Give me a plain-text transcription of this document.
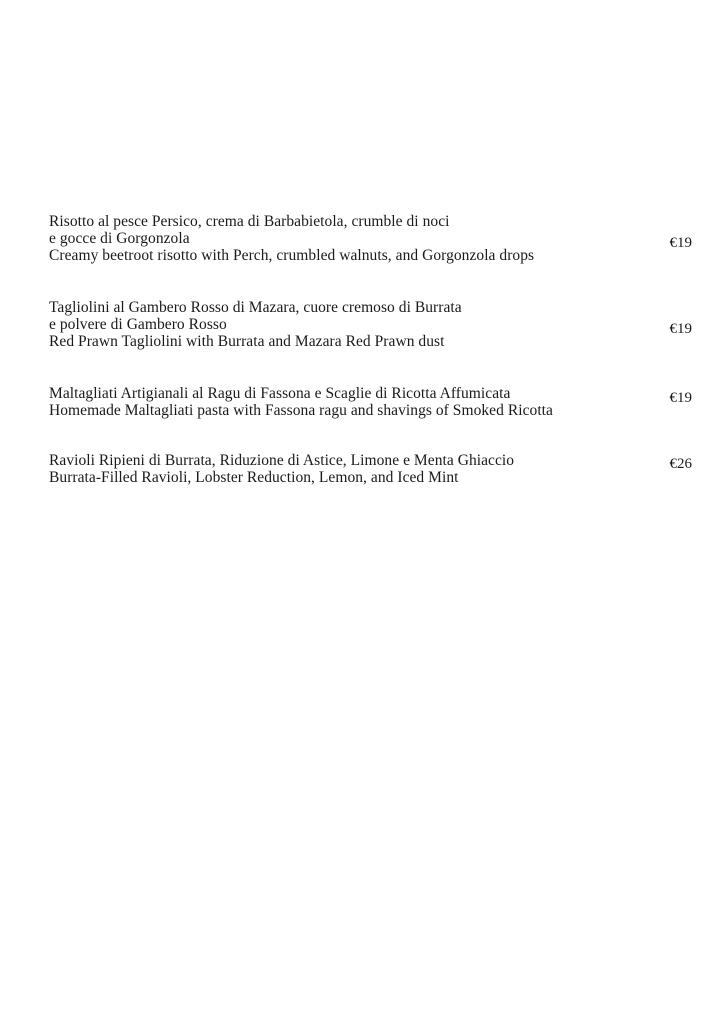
Risotto al pesce Persico, crema di Barbabietola, crumble di noci
e gocce di Gorgonzola
Creamy beetroot risotto with Perch, crumbled walnuts, and Gorgonzola drops
€19
Tagliolini al Gambero Rosso di Mazara, cuore cremoso di Burrata
e polvere di Gambero Rosso
Red Prawn Tagliolini with Burrata and Mazara Red Prawn dust
€19
Maltagliati Artigianali al Ragu di Fassona e Scaglie di Ricotta Affumicata
Homemade Maltagliati pasta with Fassona ragu and shavings of Smoked Ricotta
€19
Ravioli Ripieni di Burrata, Riduzione di Astice, Limone e Menta Ghiaccio
Burrata-Filled Ravioli, Lobster Reduction, Lemon, and Iced Mint
€26
